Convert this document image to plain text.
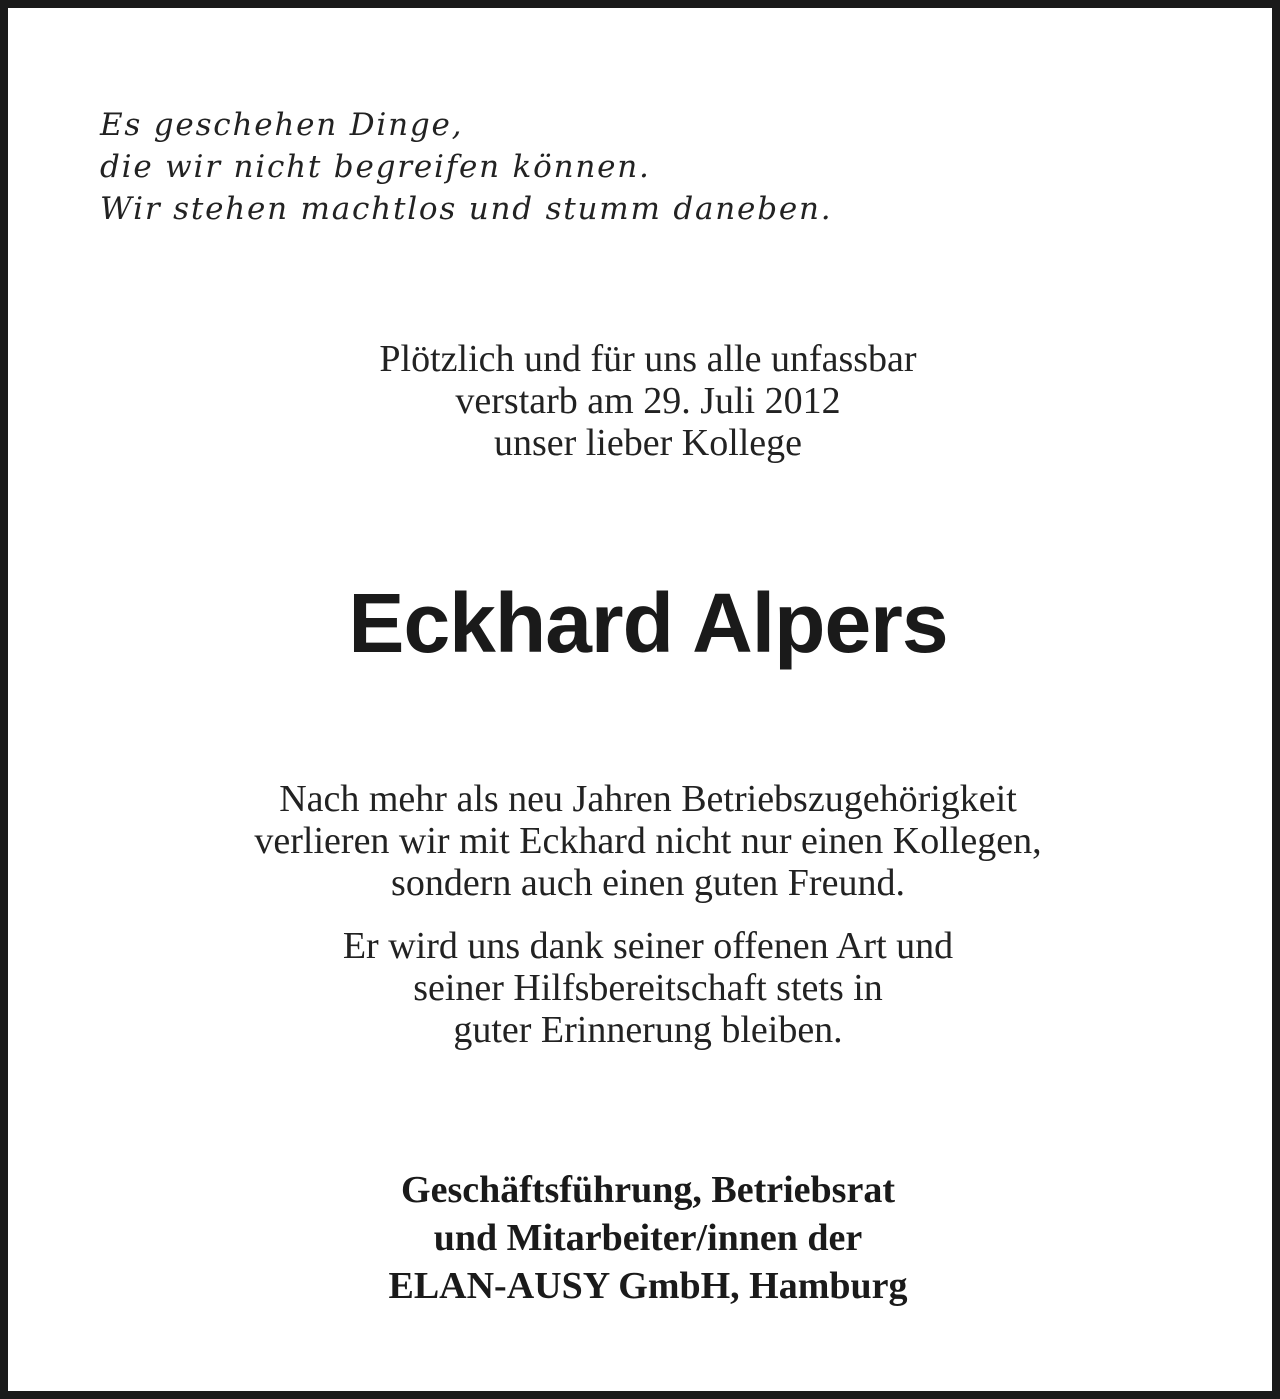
Es geschehen Dinge,
die wir nicht begreifen können.
Wir stehen machtlos und stumm daneben.
Plötzlich und für uns alle unfassbar
verstarb am 29. Juli 2012
unser lieber Kollege
Eckhard Alpers
Nach mehr als neu Jahren Betriebszugehörigkeit
verlieren wir mit Eckhard nicht nur einen Kollegen,
sondern auch einen guten Freund.
Er wird uns dank seiner offenen Art und
seiner Hilfsbereitschaft stets in
guter Erinnerung bleiben.
Geschäftsführung, Betriebsrat
und Mitarbeiter/innen der
ELAN-AUSY GmbH, Hamburg
